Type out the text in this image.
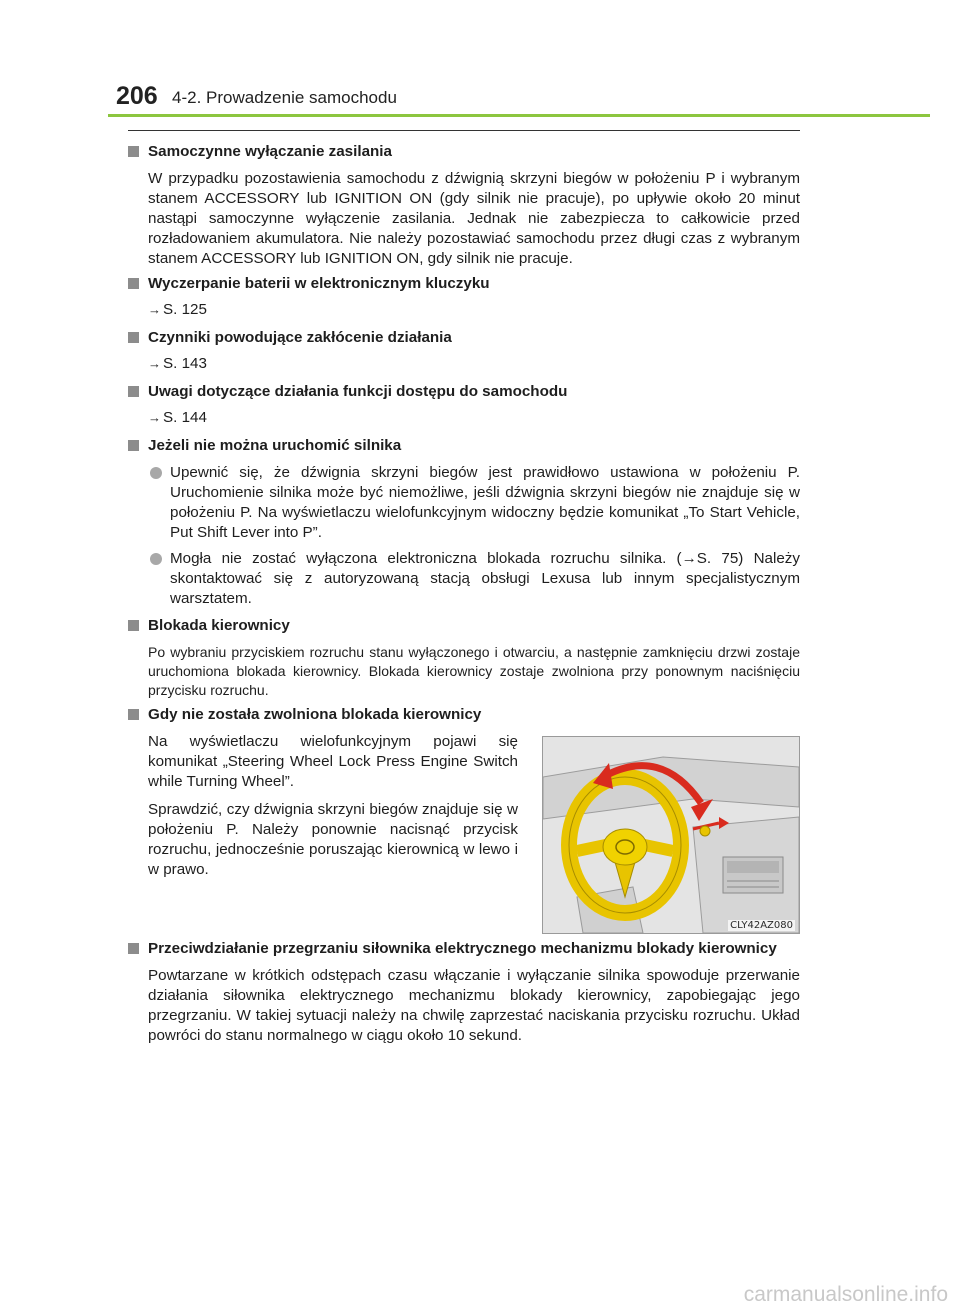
206 4-2. Prowadzenie samochodu
Samoczynne wyłączanie zasilania
W przypadku pozostawienia samochodu z dźwignią skrzyni biegów w położeniu P i wybranym stanem ACCESSORY lub IGNITION ON (gdy silnik nie pracuje), po upływie około 20 minut nastąpi samoczynne wyłączenie zasilania. Jednak nie zabezpiecza to całkowicie przed rozładowaniem akumulatora. Nie należy pozostawiać samochodu przez długi czas z wybranym stanem ACCESSORY lub IGNITION ON, gdy silnik nie pracuje.
Wyczerpanie baterii w elektronicznym kluczyku
→ S. 125
Czynniki powodujące zakłócenie działania
→ S. 143
Uwagi dotyczące działania funkcji dostępu do samochodu
→ S. 144
Jeżeli nie można uruchomić silnika
Upewnić się, że dźwignia skrzyni biegów jest prawidłowo ustawiona w położeniu P. Uruchomienie silnika może być niemożliwe, jeśli dźwignia skrzyni biegów nie znajduje się w położeniu P. Na wyświetlaczu wielofunkcyjnym widoczny będzie komunikat „To Start Vehicle, Put Shift Lever into P”.
Mogła nie zostać wyłączona elektroniczna blokada rozruchu silnika. (→S. 75) Należy skontaktować się z autoryzowaną stacją obsługi Lexusa lub innym specjalistycznym warsztatem.
Blokada kierownicy
Po wybraniu przyciskiem rozruchu stanu wyłączonego i otwarciu, a następnie zamknięciu drzwi zostaje uruchomiona blokada kierownicy. Blokada kierownicy zostaje zwolniona przy ponownym naciśnięciu przycisku rozruchu.
Gdy nie została zwolniona blokada kierownicy

Na wyświetlaczu wielofunkcyjnym pojawi się komunikat „Steering Wheel Lock Press Engine Switch while Turning Wheel”.

Sprawdzić, czy dźwignia skrzyni biegów znajduje się w położeniu P. Należy ponownie nacisnąć przycisk rozruchu, jednocześnie poruszając kierownicą w lewo i w prawo.

CLY42AZ080
Przeciwdziałanie przegrzaniu siłownika elektrycznego mechanizmu blokady kierownicy
Powtarzane w krótkich odstępach czasu włączanie i wyłączanie silnika spowoduje przerwanie działania siłownika elektrycznego mechanizmu blokady kierownicy, zapobiegając jego przegrzaniu. W takiej sytuacji należy na chwilę zaprzestać naciskania przycisku rozruchu. Układ powróci do stanu normalnego w ciągu około 10 sekund.
carmanualsonline.info
